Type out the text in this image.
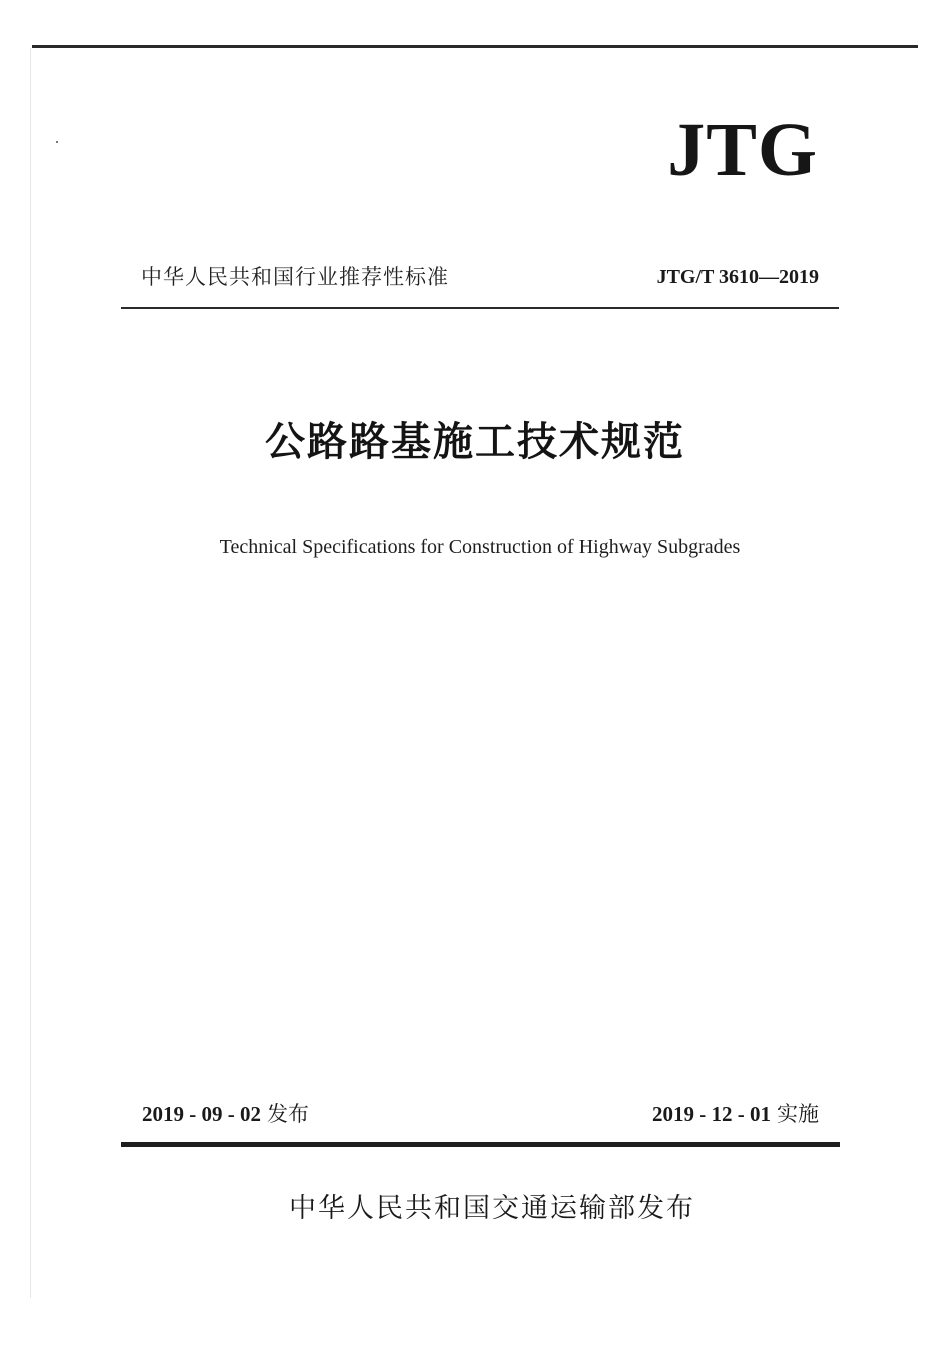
JTG
中华人民共和国行业推荐性标准	JTG/T 3610—2019
公路路基施工技术规范
Technical Specifications for Construction of Highway Subgrades
2019 - 09 - 02 发布	2019 - 12 - 01 实施
中华人民共和国交通运输部发布
